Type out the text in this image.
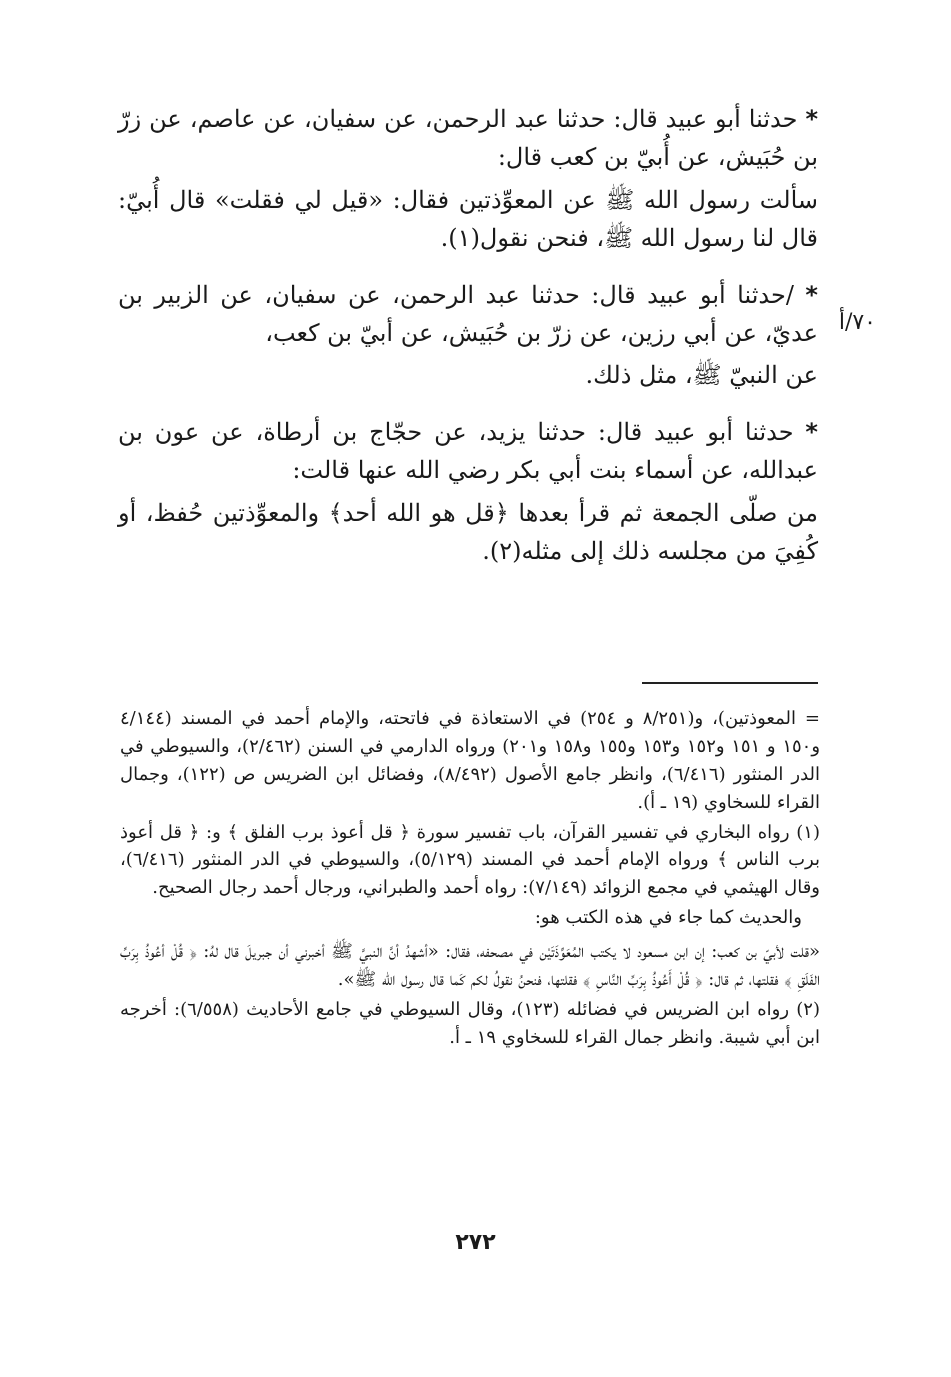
٧٠/أ

* حدثنا أبو عبيد قال: حدثنا عبد الرحمن، عن سفيان، عن عاصم، عن زرّ بن حُبَيش، عن أُبيّ بن كعب قال:

سألت رسول الله ﷺ عن المعوِّذتين فقال: «قيل لي فقلت» قال أُبيّ: قال لنا رسول الله ﷺ، فنحن نقول(١).

* /حدثنا أبو عبيد قال: حدثنا عبد الرحمن، عن سفيان، عن الزبير بن عديّ، عن أبي رزين، عن زرّ بن حُبَيش، عن أبيّ بن كعب،

عن النبيّ ﷺ، مثل ذلك.

* حدثنا أبو عبيد قال: حدثنا يزيد، عن حجّاج بن أرطاة، عن عون بن عبدالله، عن أسماء بنت أبي بكر رضي الله عنها قالت:

من صلّى الجمعة ثم قرأ بعدها ﴿قل هو الله أحد﴾ والمعوِّذتين حُفظ، أو كُفِيَ من مجلسه ذلك إلى مثله(٢).

= المعوذتين)، و(٨/٢٥١ و ٢٥٤) في الاستعاذة في فاتحته، والإمام أحمد في المسند (٤/١٤٤ و١٥٠ و ١٥١ و١٥٢ و١٥٣ و١٥٥ و١٥٨ و٢٠١) ورواه الدارمي في السنن (٢/٤٦٢)، والسيوطي في الدر المنثور (٦/٤١٦)، وانظر جامع الأصول (٨/٤٩٢)، وفضائل ابن الضريس ص (١٢٢)، وجمال القراء للسخاوي (١٩ ـ أ).

(١) رواه البخاري في تفسير القرآن، باب تفسير سورة ﴿ قل أعوذ برب الفلق ﴾ و: ﴿ قل أعوذ برب الناس ﴾ ورواه الإمام أحمد في المسند (٥/١٢٩)، والسيوطي في الدر المنثور (٦/٤١٦)، وقال الهيثمي في مجمع الزوائد (٧/١٤٩): رواه أحمد والطبراني، ورجال أحمد رجال الصحيح.

والحديث كما جاء في هذه الكتب هو:

«قلت لأبيّ بن كعب: إن ابن مسعود لا يكتب المُعَوِّذَتَيْن في مصحفه، فقال: «أشهدُ أنَّ النبيَّ ﷺ أخبرني أن جبريلَ قال لهُ: ﴿ قُلْ أعُوذُ بِرَبِّ الفَلَقِ ﴾ فقلتها، ثم قال: ﴿ قُلْ أَعُوذُ بِرَبِّ النَّاسِ ﴾ فقلتها، فنحنُ نقولُ لكم كَما قال رسول الله ﷺ».

(٢) رواه ابن الضريس في فضائله (١٢٣)، وقال السيوطي في جامع الأحاديث (٦/٥٥٨): أخرجه ابن أبي شيبة. وانظر جمال القراء للسخاوي ١٩ ـ أ.

٢٧٢
